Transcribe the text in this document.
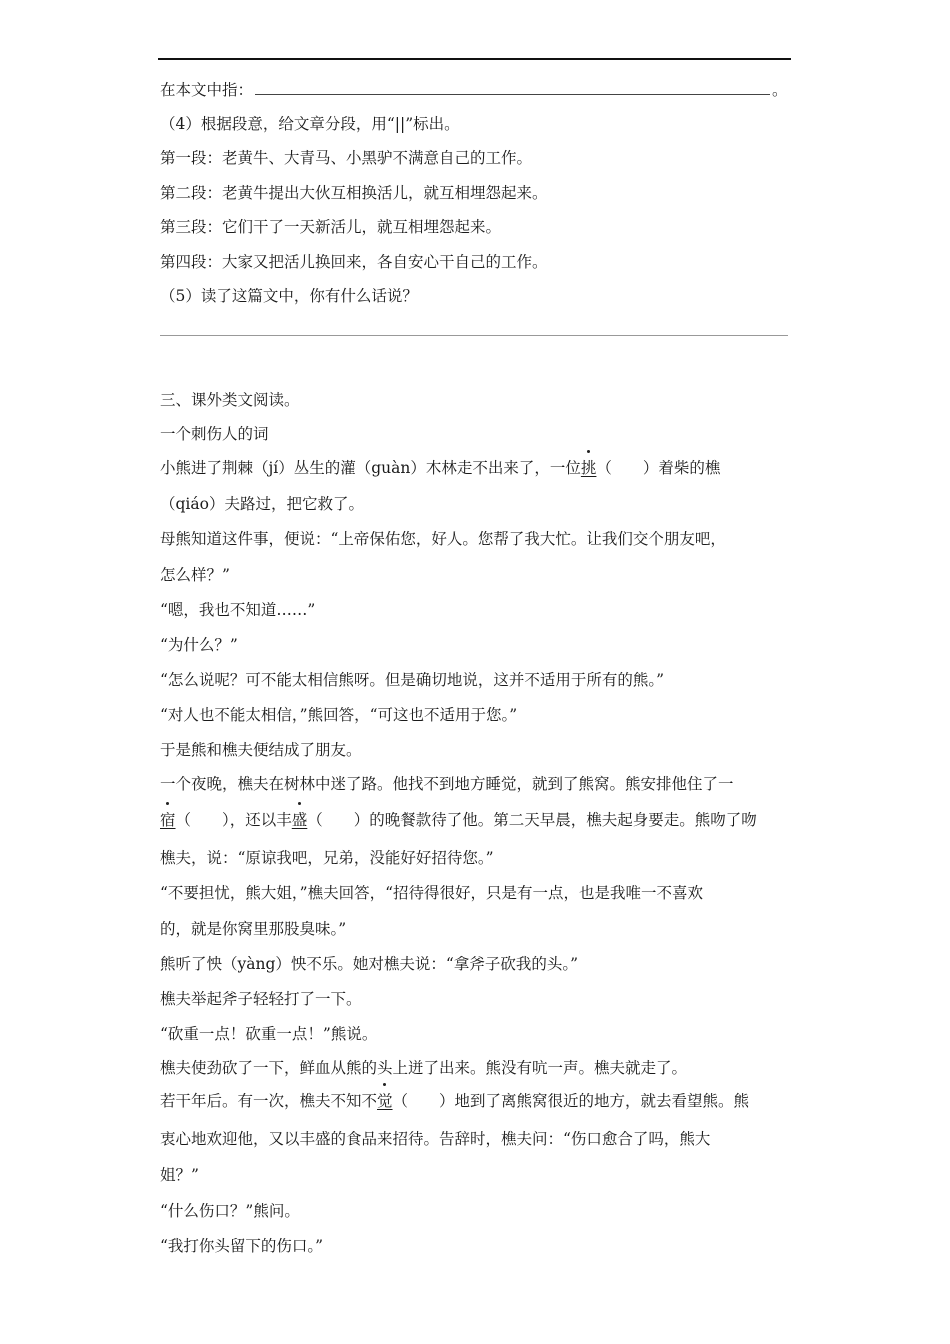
在本文中指：	。

（4）根据段意，给文章分段，用“||”标出。

第一段：老黄牛、大青马、小黑驴不满意自己的工作。

第二段：老黄牛提出大伙互相换活儿，就互相埋怨起来。

第三段：它们干了一天新活儿，就互相埋怨起来。

第四段：大家又把活儿换回来，各自安心干自己的工作。

（5）读了这篇文中，你有什么话说？

三、课外类文阅读。

一个刺伤人的词

小熊进了荆棘（jí）丛生的灌（guàn）木林走不出来了，一位挑（　　）着柴的樵

（qiáo）夫路过，把它救了。

母熊知道这件事，便说：“上帝保佑您，好人。您帮了我大忙。让我们交个朋友吧，

怎么样？”

“嗯，我也不知道……”

“为什么？”

“怎么说呢？可不能太相信熊呀。但是确切地说，这并不适用于所有的熊。”

“对人也不能太相信，”熊回答，“可这也不适用于您。”

于是熊和樵夫便结成了朋友。

一个夜晚，樵夫在树林中迷了路。他找不到地方睡觉，就到了熊窝。熊安排他住了一

宿（　　），还以丰盛（　　）的晚餐款待了他。第二天早晨，樵夫起身要走。熊吻了吻

樵夫，说：“原谅我吧，兄弟，没能好好招待您。”

“不要担忧，熊大姐，”樵夫回答，“招待得很好，只是有一点，也是我唯一不喜欢

的，就是你窝里那股臭味。”

熊听了怏（yàng）怏不乐。她对樵夫说：“拿斧子砍我的头。”

樵夫举起斧子轻轻打了一下。

“砍重一点！砍重一点！”熊说。

樵夫使劲砍了一下，鲜血从熊的头上迸了出来。熊没有吭一声。樵夫就走了。

若干年后。有一次，樵夫不知不觉（　　）地到了离熊窝很近的地方，就去看望熊。熊

衷心地欢迎他，又以丰盛的食品来招待。告辞时，樵夫问：“伤口愈合了吗，熊大

姐？”

“什么伤口？”熊问。

“我打你头留下的伤口。”
